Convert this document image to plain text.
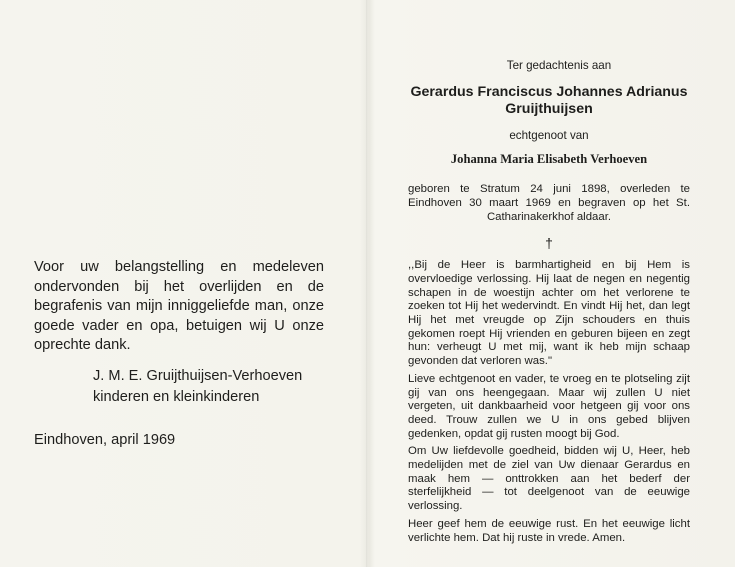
Voor uw belangstelling en medeleven ondervonden bij het overlijden en de begrafenis van mijn inniggeliefde man, onze goede vader en opa, betuigen wij U onze oprechte dank.

J. M. E. Gruijthuijsen-Verhoeven
kinderen en kleinkinderen
Eindhoven, april 1969
Ter gedachtenis aan
Gerardus Franciscus Johannes Adrianus
Gruijthuijsen
echtgenoot van
Johanna Maria Elisabeth Verhoeven
geboren te Stratum 24 juni 1898, overleden te Eindhoven 30 maart 1969 en begraven op het St. Catharinakerkhof aldaar.
†
,,Bij de Heer is barmhartigheid en bij Hem is overvloedige verlossing. Hij laat de negen en negentig schapen in de woestijn achter om het verlorene te zoeken tot Hij het wedervindt. En vindt Hij het, dan legt Hij het met vreugde op Zijn schouders en thuis gekomen roept Hij vrienden en geburen bijeen en zegt hun: verheugt U met mij, want ik heb mijn schaap gevonden dat verloren was."
Lieve echtgenoot en vader, te vroeg en te plotseling zijt gij van ons heengegaan. Maar wij zullen U niet vergeten, uit dankbaarheid voor hetgeen gij voor ons deed. Trouw zullen we U in ons gebed blijven gedenken, opdat gij rusten moogt bij God.
Om Uw liefdevolle goedheid, bidden wij U, Heer, heb medelijden met de ziel van Uw dienaar Gerardus en maak hem — onttrokken aan het bederf der sterfelijkheid — tot deelgenoot van de eeuwige verlossing.
Heer geef hem de eeuwige rust. En het eeuwige licht verlichte hem. Dat hij ruste in vrede. Amen.
